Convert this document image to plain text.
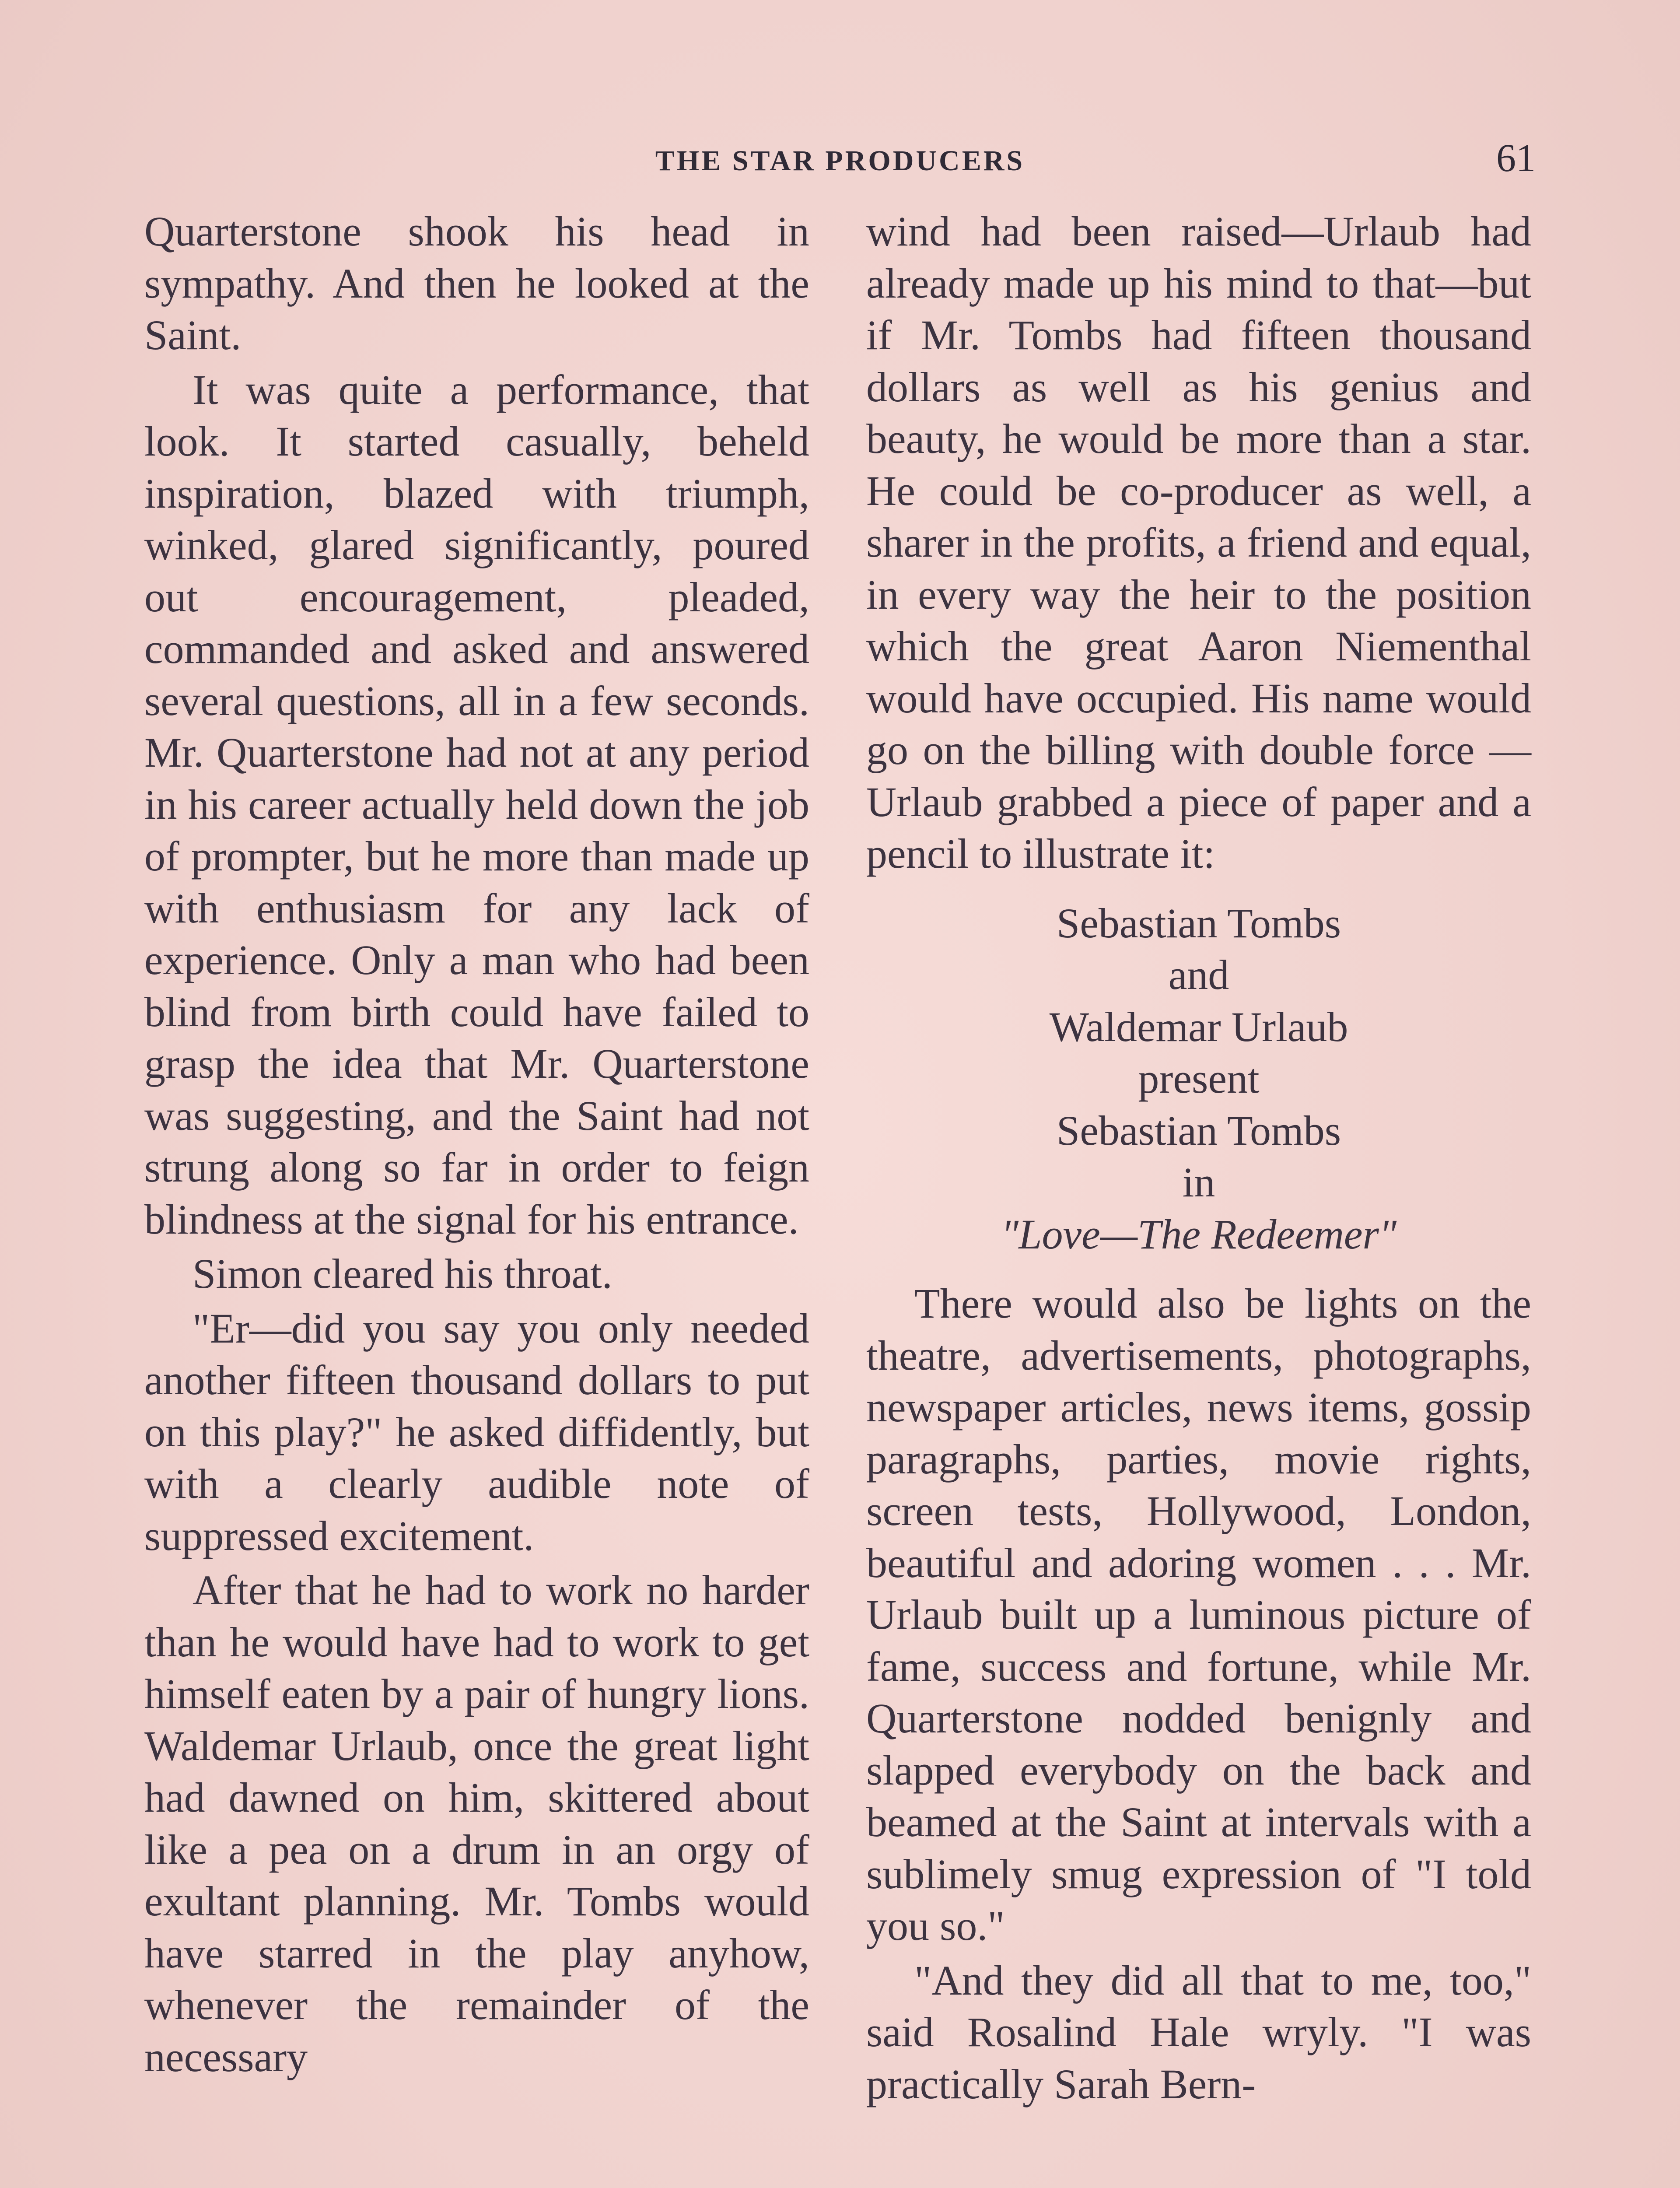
THE STAR PRODUCERS	61

Quarterstone shook his head in sympathy. And then he looked at the Saint.

It was quite a performance, that look. It started casually, beheld inspiration, blazed with triumph, winked, glared significantly, poured out encouragement, pleaded, commanded and asked and answered several questions, all in a few seconds. Mr. Quarterstone had not at any period in his career actually held down the job of prompter, but he more than made up with enthusiasm for any lack of experience. Only a man who had been blind from birth could have failed to grasp the idea that Mr. Quarterstone was suggesting, and the Saint had not strung along so far in order to feign blindness at the signal for his entrance.

Simon cleared his throat.

"Er—did you say you only needed another fifteen thousand dollars to put on this play?" he asked diffidently, but with a clearly audible note of suppressed excitement.

After that he had to work no harder than he would have had to work to get himself eaten by a pair of hungry lions. Waldemar Urlaub, once the great light had dawned on him, skittered about like a pea on a drum in an orgy of exultant planning. Mr. Tombs would have starred in the play anyhow, whenever the remainder of the necessary

wind had been raised—Urlaub had already made up his mind to that—but if Mr. Tombs had fifteen thousand dollars as well as his genius and beauty, he would be more than a star. He could be co-producer as well, a sharer in the profits, a friend and equal, in every way the heir to the position which the great Aaron Niementhal would have occupied. His name would go on the billing with double force —Urlaub grabbed a piece of paper and a pencil to illustrate it:

Sebastian Tombs
and
Waldemar Urlaub
present
Sebastian Tombs
in
"Love—The Redeemer"

There would also be lights on the theatre, advertisements, photographs, newspaper articles, news items, gossip paragraphs, parties, movie rights, screen tests, Hollywood, London, beautiful and adoring women . . . Mr. Urlaub built up a luminous picture of fame, success and fortune, while Mr. Quarterstone nodded benignly and slapped everybody on the back and beamed at the Saint at intervals with a sublimely smug expression of "I told you so."

"And they did all that to me, too," said Rosalind Hale wryly. "I was practically Sarah Bern-
